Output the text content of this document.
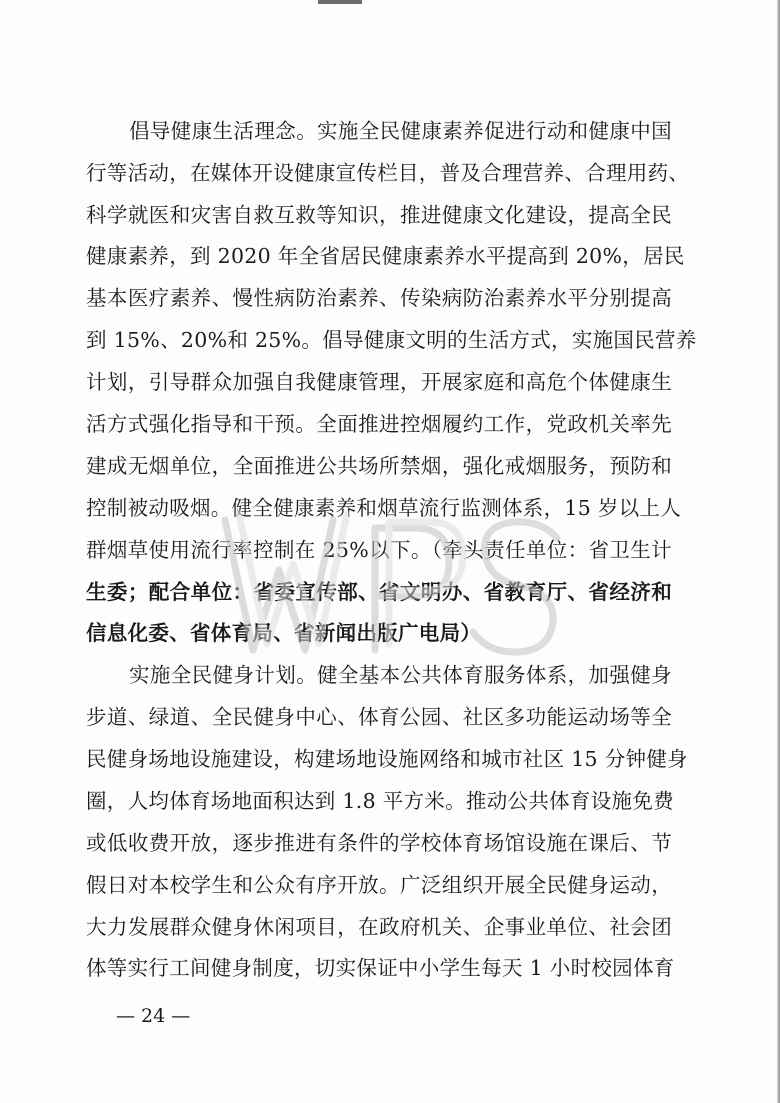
倡导健康生活理念。实施全民健康素养促进行动和健康中国
行等活动，在媒体开设健康宣传栏目，普及合理营养、合理用药、
科学就医和灾害自救互救等知识，推进健康文化建设，提高全民
健康素养，到 2020 年全省居民健康素养水平提高到 20%，居民
基本医疗素养、慢性病防治素养、传染病防治素养水平分别提高
到 15%、20%和 25%。倡导健康文明的生活方式，实施国民营养
计划，引导群众加强自我健康管理，开展家庭和高危个体健康生
活方式强化指导和干预。全面推进控烟履约工作，党政机关率先
建成无烟单位，全面推进公共场所禁烟，强化戒烟服务，预防和
控制被动吸烟。健全健康素养和烟草流行监测体系，15 岁以上人
群烟草使用流行率控制在 25%以下。（牵头责任单位：省卫生计
生委；配合单位：省委宣传部、省文明办、省教育厅、省经济和
信息化委、省体育局、省新闻出版广电局）
实施全民健身计划。健全基本公共体育服务体系，加强健身
步道、绿道、全民健身中心、体育公园、社区多功能运动场等全
民健身场地设施建设，构建场地设施网络和城市社区 15 分钟健身
圈，人均体育场地面积达到 1.8 平方米。推动公共体育设施免费
或低收费开放，逐步推进有条件的学校体育场馆设施在课后、节
假日对本校学生和公众有序开放。广泛组织开展全民健身运动，
大力发展群众健身休闲项目，在政府机关、企事业单位、社会团
体等实行工间健身制度，切实保证中小学生每天 1 小时校园体育
— 24 —
